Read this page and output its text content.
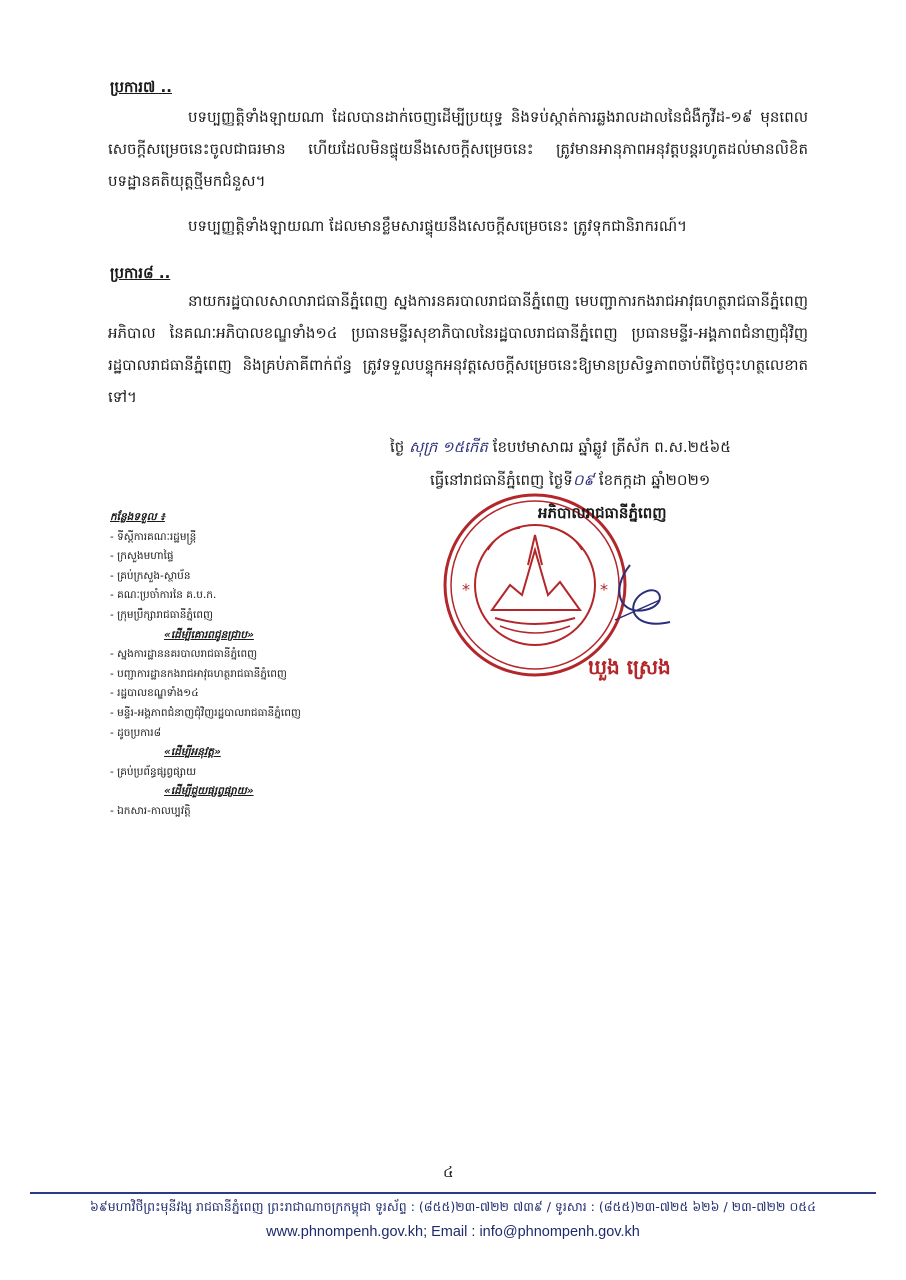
ប្រការ៧ ..
បទប្បញ្ញត្តិទាំងឡាយណា ដែលបានដាក់ចេញដើម្បីប្រយុទ្ធ និងទប់ស្កាត់ការឆ្លងរាលដាលនៃជំងឺកូវីដ-១៩ មុនពេលសេចក្តីសម្រេចនេះចូលជាធរមាន ហើយដែលមិនផ្ទុយនឹងសេចក្តីសម្រេចនេះ ត្រូវមានអានុភាពអនុវត្តបន្តរហូតដល់មានលិខិតបទដ្ឋានគតិយុត្តថ្មីមកជំនួស។
បទប្បញ្ញត្តិទាំងឡាយណា ដែលមានខ្លឹមសារផ្ទុយនឹងសេចក្តីសម្រេចនេះ ត្រូវទុកជានិរាករណ៍។
ប្រការ៨ ..
នាយករដ្ឋបាលសាលារាជធានីភ្នំពេញ ស្នងការនគរបាលរាជធានីភ្នំពេញ មេបញ្ជាការកងរាជអាវុធហត្ថរាជធានីភ្នំពេញ អភិបាល នៃគណៈអភិបាលខណ្ឌទាំង១៤ ប្រធានមន្ទីរសុខាភិបាលនៃរដ្ឋបាលរាជធានីភ្នំពេញ ប្រធានមន្ទីរ-អង្គភាពជំនាញជុំវិញរដ្ឋបាលរាជធានីភ្នំពេញ និងគ្រប់ភាគីពាក់ព័ន្ធ ត្រូវទទួលបន្ទុកអនុវត្តសេចក្តីសម្រេចនេះឱ្យមានប្រសិទ្ធភាពចាប់ពីថ្ងៃចុះហត្ថលេខាតទៅ។
ថ្ងៃ សុក្រ ១៥កើត ខែបឋមាសាឍ ឆ្នាំឆ្លូវ ត្រីស័ក ព.ស.២៥៦៥
ធ្វើនៅរាជធានីភ្នំពេញ ថ្ងៃទី០៩ ខែកក្កដា ឆ្នាំ២០២១
កន្លែងទទួល ៖
- ទីស្តីការគណៈរដ្ឋមន្ត្រី
- ក្រសួងមហាផ្ទៃ
- គ្រប់ក្រសួង-ស្ថាប័ន
- គណៈប្រចាំការនៃ គ.ប.ក.
- ក្រុមប្រឹក្សារាជធានីភ្នំពេញ
«ដើម្បីគោរពជូនជ្រាប»
- ស្នងការដ្ឋាននគរបាលរាជធានីភ្នំពេញ
- បញ្ជាការដ្ឋានកងរាជអាវុធហត្ថរាជធានីភ្នំពេញ
- រដ្ឋបាលខណ្ឌទាំង១៤
- មន្ទីរ-អង្គភាពជំនាញជុំវិញរដ្ឋបាលរាជធានីភ្នំពេញ
- ដូចប្រការ៨
«ដើម្បីអនុវត្ត»
- គ្រប់ប្រព័ន្ធផ្សព្វផ្សាយ
«ដើម្បីជួយផ្សព្វផ្សាយ»
- ឯកសារ-កាលប្បវត្តិ
*	*
អភិបាលរាជធានីភ្នំពេញ
ឃួង ស្រេង
៤
៦៩មហាវិថីព្រះមុនីវង្ស រាជធានីភ្នំពេញ ព្រះរាជាណាចក្រកម្ពុជា ទូរស័ព្ទ : (៨៥៥)២៣-៧២២ ៧៣៩ / ទូរសារ : (៨៥៥)២៣-៧២៥ ៦២៦ / ២៣-៧២២ ០៥៤
www.phnompenh.gov.kh; Email : info@phnompenh.gov.kh
